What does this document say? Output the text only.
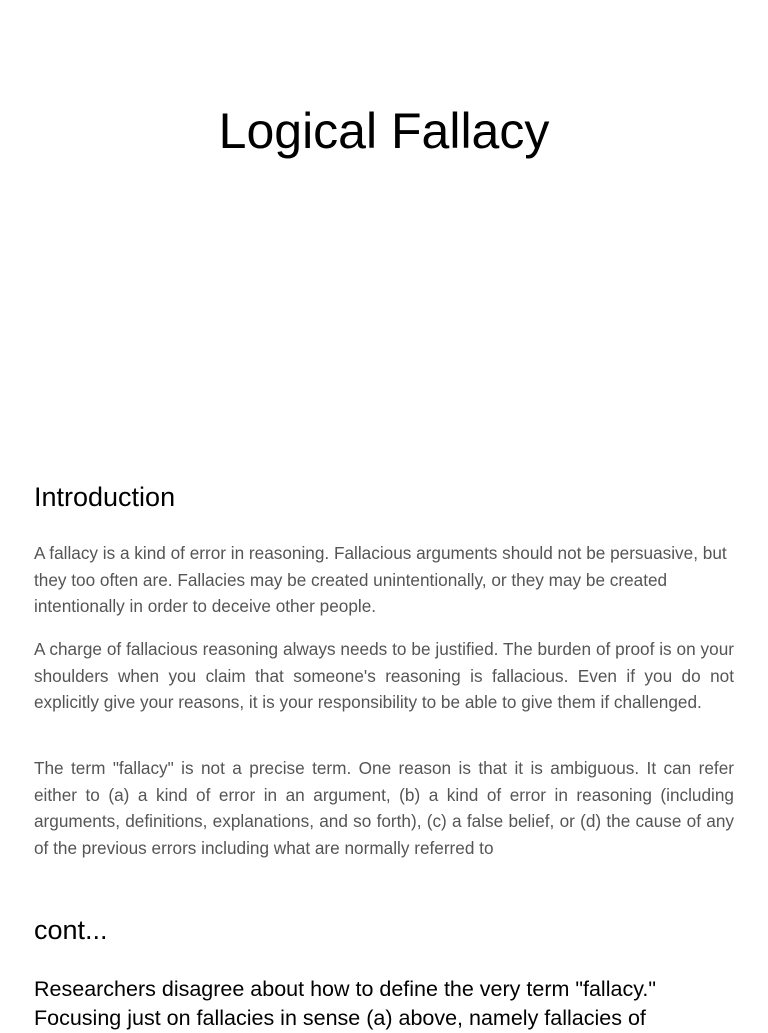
Logical Fallacy
Introduction

A fallacy is a kind of error in reasoning. Fallacious arguments should not be persuasive, but they too often are. Fallacies may be created unintentionally, or they may be created intentionally in order to deceive other people.

A charge of fallacious reasoning always needs to be justified. The burden of proof is on your shoulders when you claim that someone's reasoning is fallacious. Even if you do not explicitly give your reasons, it is your responsibility to be able to give them if challenged.

The term "fallacy" is not a precise term. One reason is that it is ambiguous. It can refer either to (a) a kind of error in an argument, (b) a kind of error in reasoning (including arguments, definitions, explanations, and so forth), (c) a false belief, or (d) the cause of any of the previous errors including what are normally referred to

cont...

Researchers disagree about how to define the very term "fallacy." Focusing just on fallacies in sense (a) above, namely fallacies of
